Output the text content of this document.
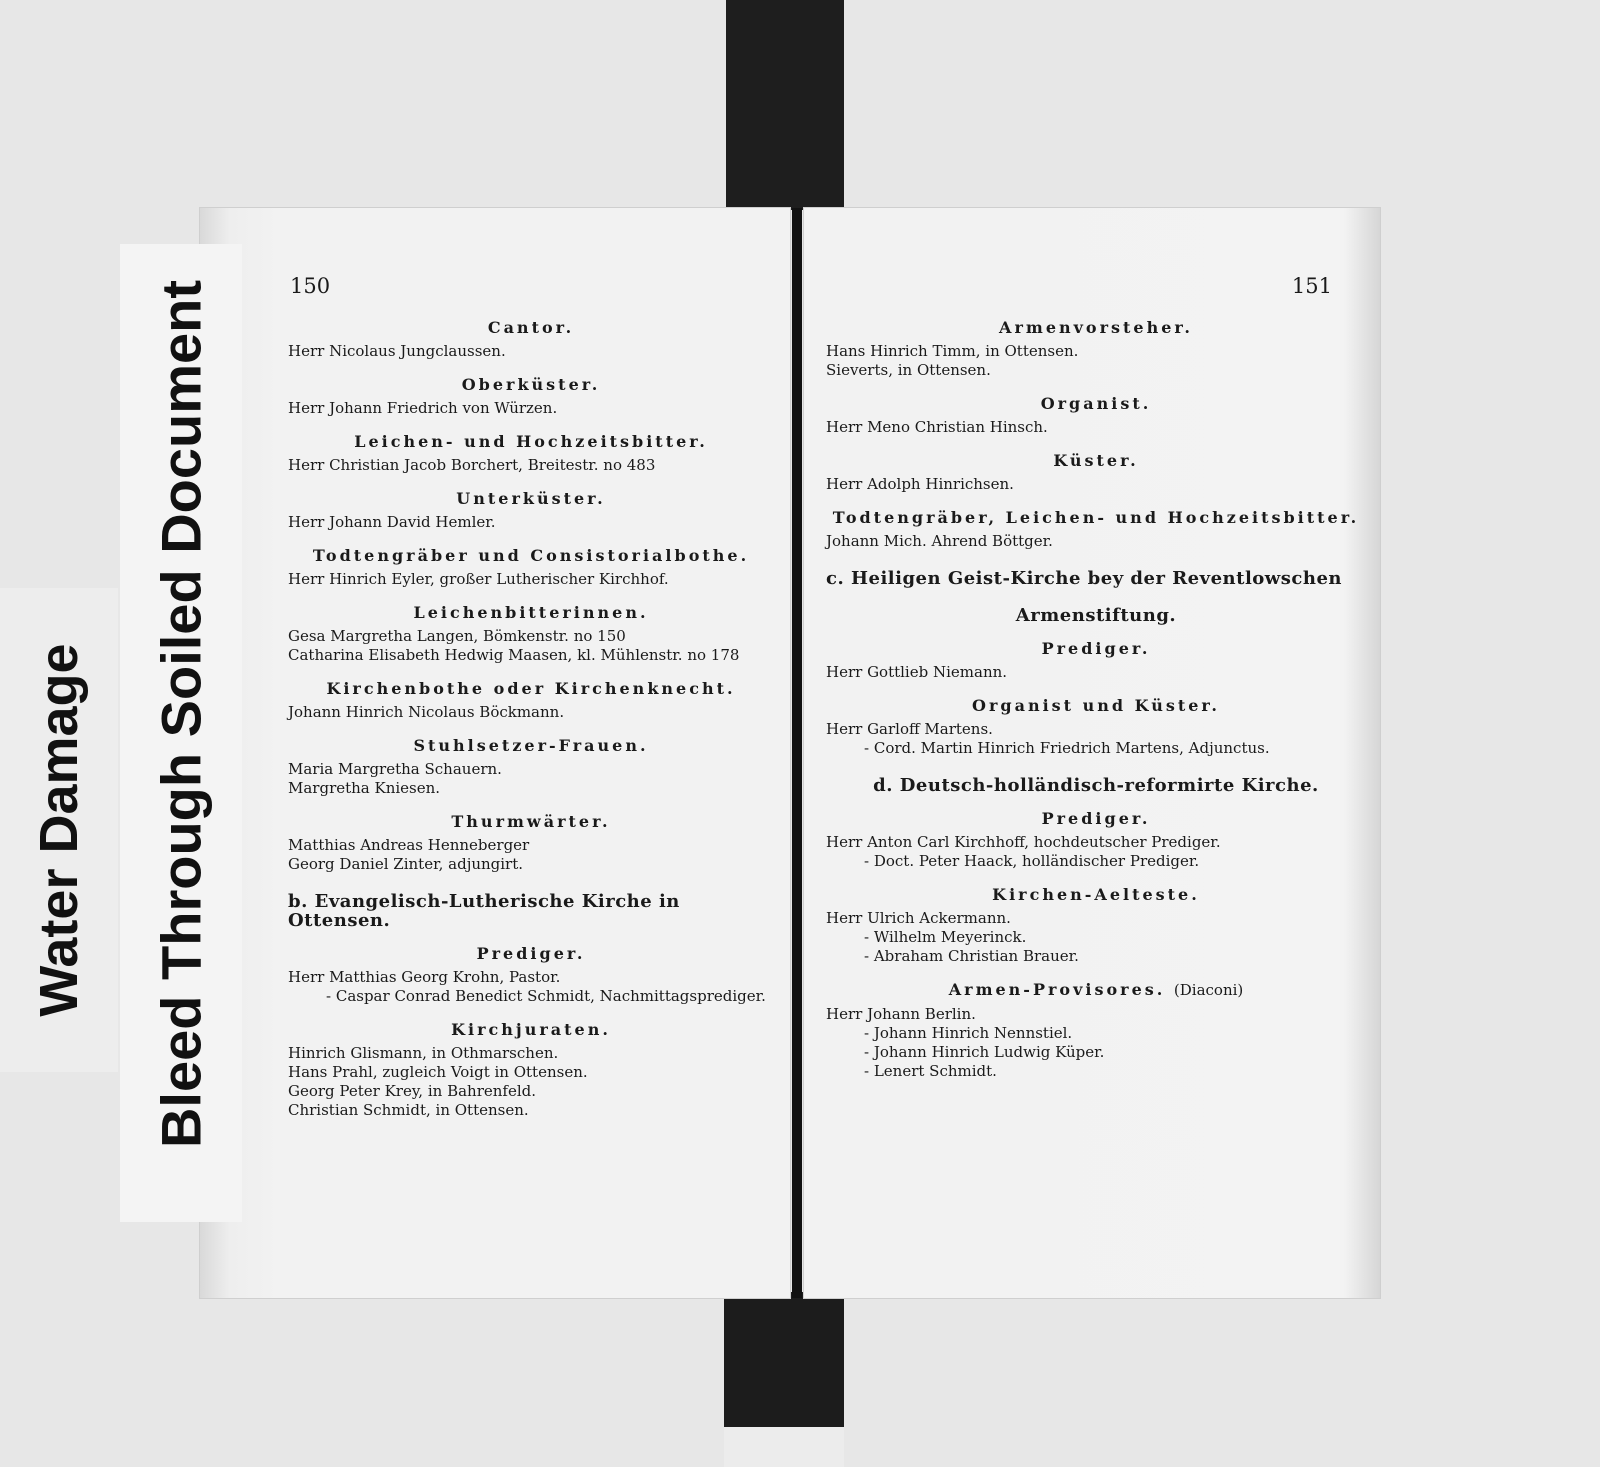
150
Cantor.
Herr Nicolaus Jungclaussen.
Oberküster.
Herr Johann Friedrich von Würzen.
Leichen- und Hochzeitsbitter.
Herr Christian Jacob Borchert, Breitestr. no 483
Unterküster.
Herr Johann David Hemler.
Todtengräber und Consistorialbothe.
Herr Hinrich Eyler, großer Lutherischer Kirchhof.
Leichenbitterinnen.
Gesa Margretha Langen, Bömkenstr. no 150
Catharina Elisabeth Hedwig Maasen, kl. Mühlenstr. no 178
Kirchenbothe oder Kirchenknecht.
Johann Hinrich Nicolaus Böckmann.
Stuhlsetzer-Frauen.
Maria Margretha Schauern.
Margretha Kniesen.
Thurmwärter.
Matthias Andreas Henneberger
Georg Daniel Zinter, adjungirt.
b. Evangelisch-Lutherische Kirche in Ottensen.
Prediger.
Herr Matthias Georg Krohn, Pastor.
- Caspar Conrad Benedict Schmidt, Nachmittagsprediger.
Kirchjuraten.
Hinrich Glismann, in Othmarschen.
Hans Prahl, zugleich Voigt in Ottensen.
Georg Peter Krey, in Bahrenfeld.
Christian Schmidt, in Ottensen.
151
Armenvorsteher.
Hans Hinrich Timm, in Ottensen.
Sieverts, in Ottensen.
Organist.
Herr Meno Christian Hinsch.
Küster.
Herr Adolph Hinrichsen.
Todtengräber, Leichen- und Hochzeitsbitter.
Johann Mich. Ahrend Böttger.
c. Heiligen Geist-Kirche bey der Reventlowschen
Armenstiftung.
Prediger.
Herr Gottlieb Niemann.
Organist und Küster.
Herr Garloff Martens.
- Cord. Martin Hinrich Friedrich Martens, Adjunctus.
d. Deutsch-holländisch-reformirte Kirche.
Prediger.
Herr Anton Carl Kirchhoff, hochdeutscher Prediger.
- Doct. Peter Haack, holländischer Prediger.
Kirchen-Aelteste.
Herr Ulrich Ackermann.
- Wilhelm Meyerinck.
- Abraham Christian Brauer.
Armen-Provisores. (Diaconi)
Herr Johann Berlin.
- Johann Hinrich Nennstiel.
- Johann Hinrich Ludwig Küper.
- Lenert Schmidt.
Water Damage Bleed Through Soiled Document
